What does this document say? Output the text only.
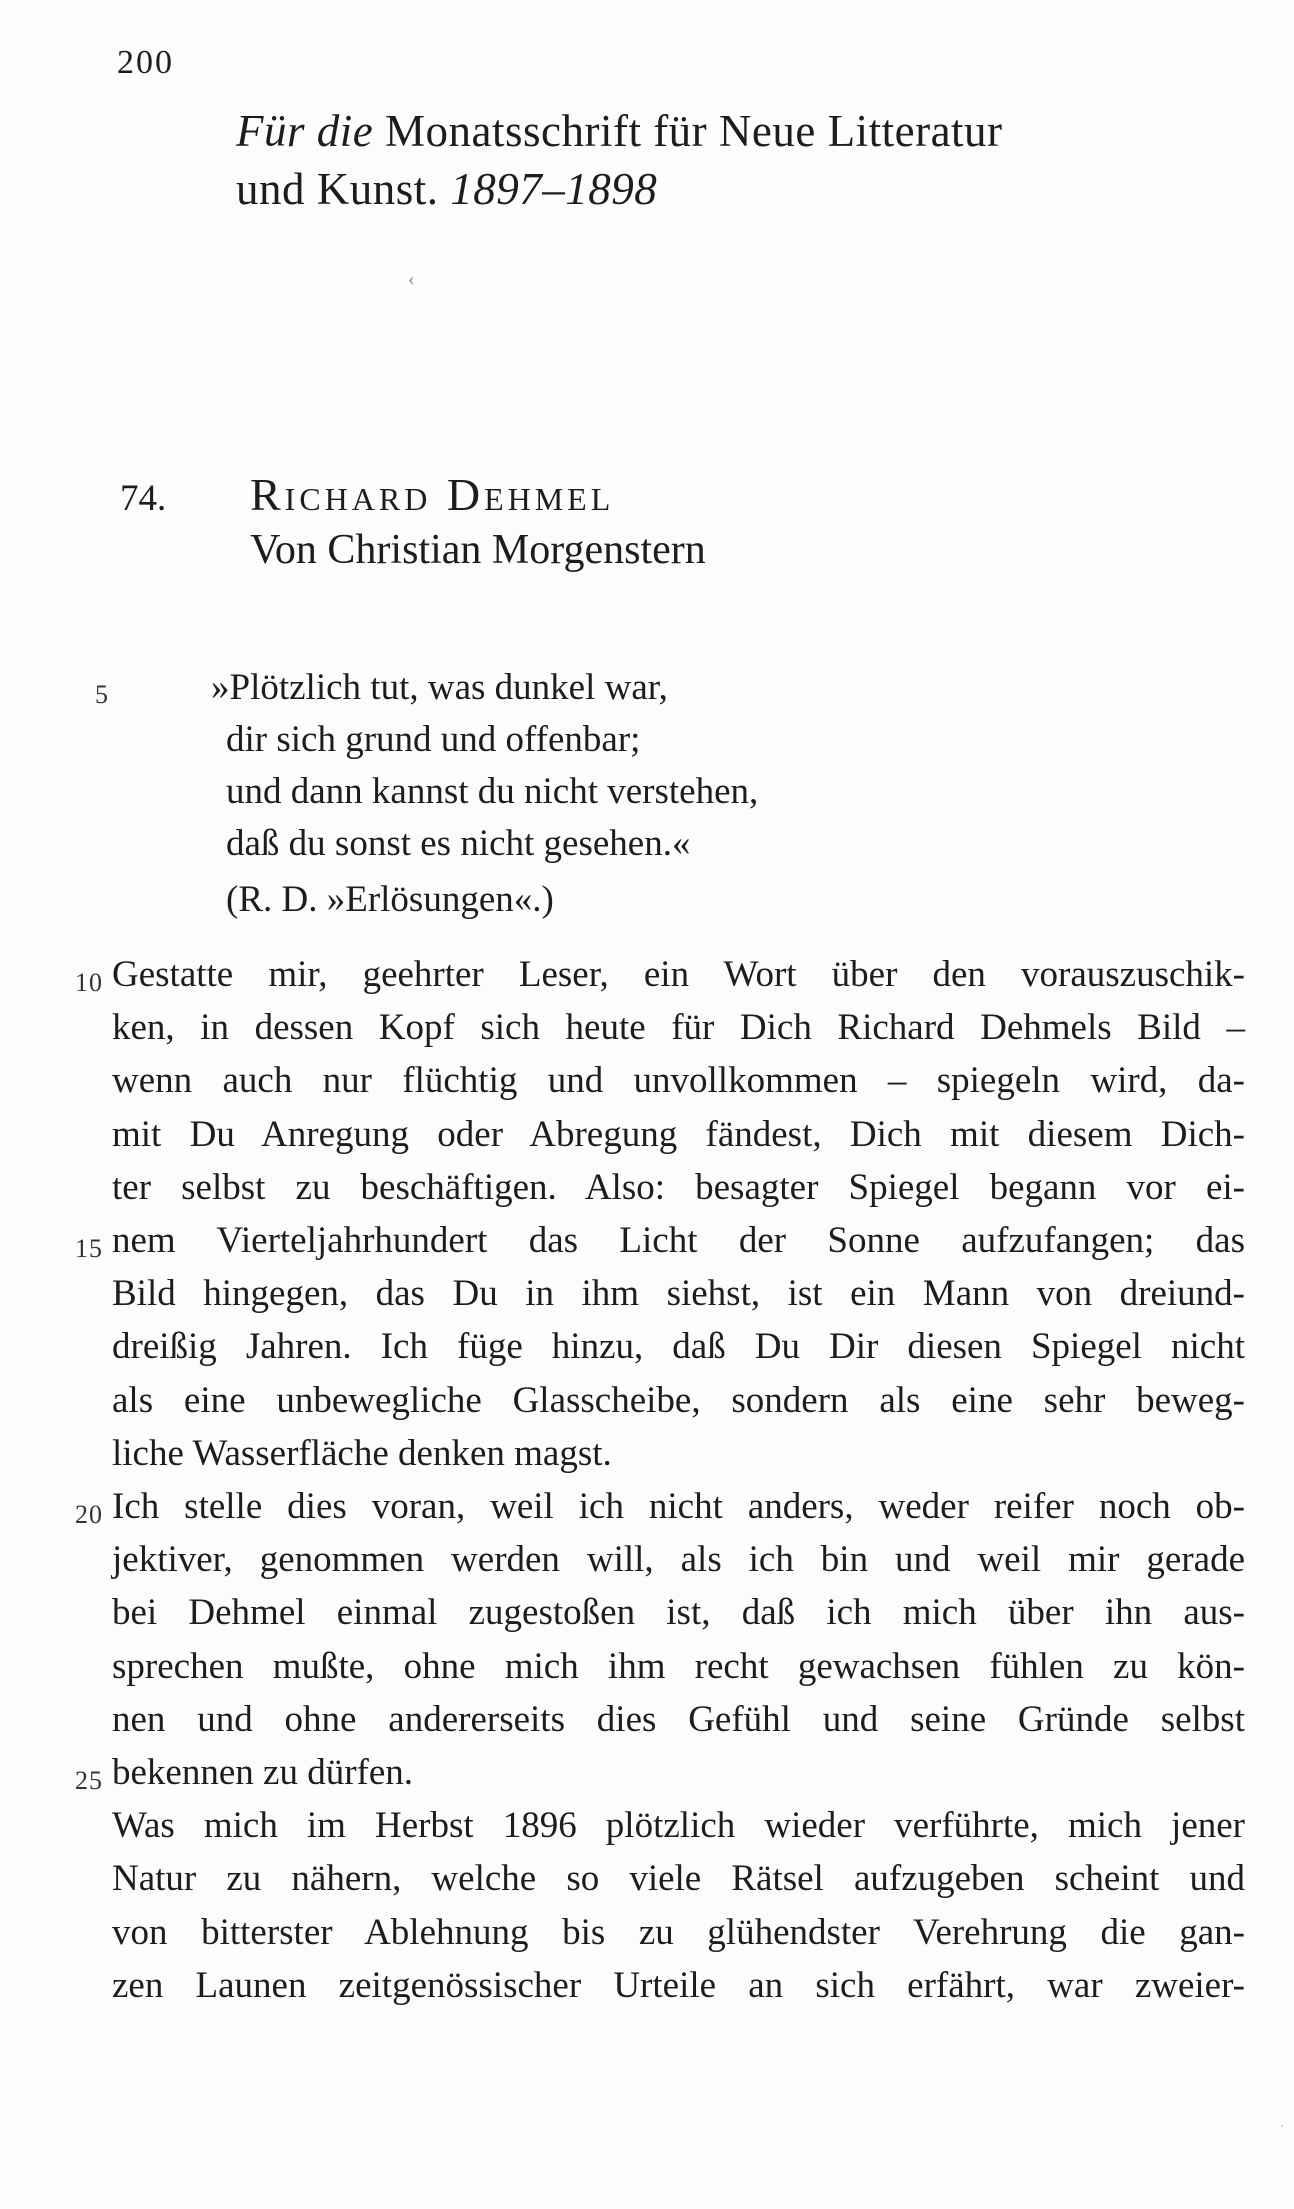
200
Für die Monatsschrift für Neue Litteratur
und Kunst. 1897–1898
‹
74. Richard Dehmel
Von Christian Morgenstern
5	»Plötzlich tut, was dunkel war,
dir sich grund und offenbar;
und dann kannst du nicht verstehen,
daß du sonst es nicht gesehen.«
(R. D. »Erlösungen«.)
10 Gestatte mir, geehrter Leser, ein Wort über den vorauszuschik-
ken, in dessen Kopf sich heute für Dich Richard Dehmels Bild –
wenn auch nur flüchtig und unvollkommen – spiegeln wird, da-
mit Du Anregung oder Abregung fändest, Dich mit diesem Dich-
ter selbst zu beschäftigen. Also: besagter Spiegel begann vor ei-
15 nem Vierteljahrhundert das Licht der Sonne aufzufangen; das
Bild hingegen, das Du in ihm siehst, ist ein Mann von dreiund-
dreißig Jahren. Ich füge hinzu, daß Du Dir diesen Spiegel nicht
als eine unbewegliche Glasscheibe, sondern als eine sehr beweg-
liche Wasserfläche denken magst.
20 Ich stelle dies voran, weil ich nicht anders, weder reifer noch ob-
jektiver, genommen werden will, als ich bin und weil mir gerade
bei Dehmel einmal zugestoßen ist, daß ich mich über ihn aus-
sprechen mußte, ohne mich ihm recht gewachsen fühlen zu kön-
nen und ohne andererseits dies Gefühl und seine Gründe selbst
25 bekennen zu dürfen.
Was mich im Herbst 1896 plötzlich wieder verführte, mich jener
Natur zu nähern, welche so viele Rätsel aufzugeben scheint und
von bitterster Ablehnung bis zu glühendster Verehrung die gan-
zen Launen zeitgenössischer Urteile an sich erfährt, war zweier-
·
